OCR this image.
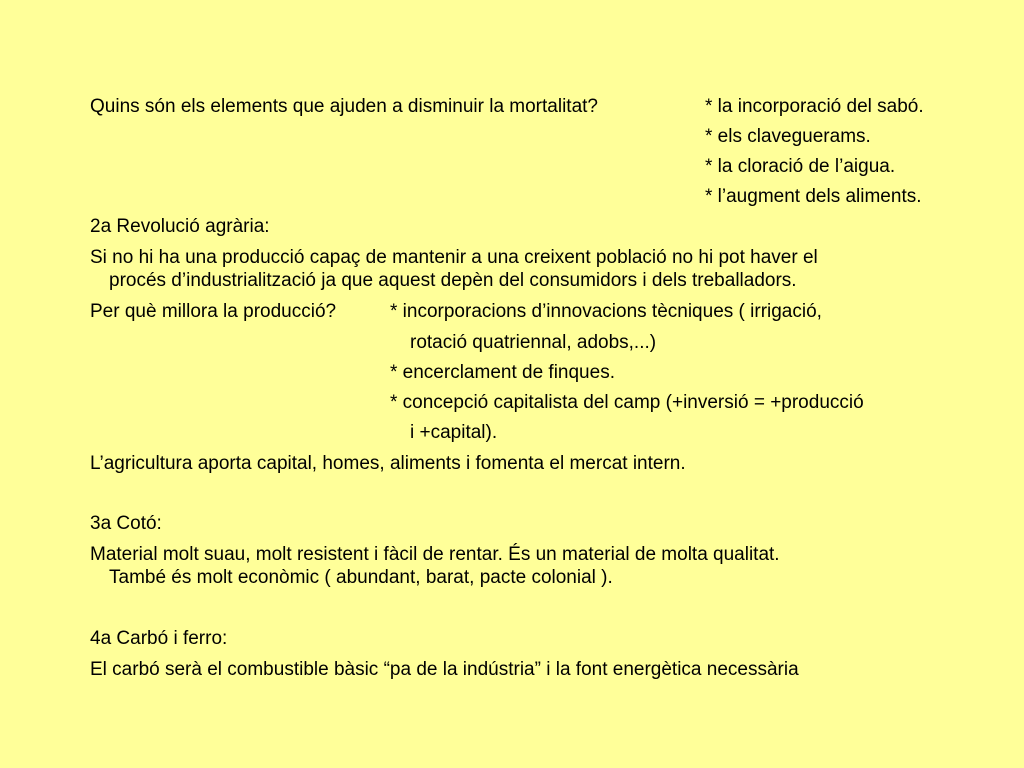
Quins són els elements que ajuden a disminuir la mortalitat?	* la incorporació del sabó.
* els claveguerams.
* la cloració de l’aigua.
* l’augment dels aliments.
2a Revolució agrària:
Si no hi ha una producció capaç de mantenir a una creixent població no hi pot haver el
procés d’industrialització ja que aquest depèn del consumidors i dels treballadors.
Per què millora la producció?	* incorporacions d’innovacions tècniques ( irrigació,
rotació quatriennal, adobs,...)
* encerclament de finques.
* concepció capitalista del camp (+inversió = +producció
i +capital).
L’agricultura aporta capital, homes, aliments i fomenta el mercat intern.
3a Cotó:
Material molt suau, molt resistent i fàcil de rentar. És un material de molta qualitat.
També és molt econòmic ( abundant, barat, pacte colonial ).
4a Carbó i ferro:
El carbó serà el combustible bàsic “pa de la indústria” i la font energètica necessària
